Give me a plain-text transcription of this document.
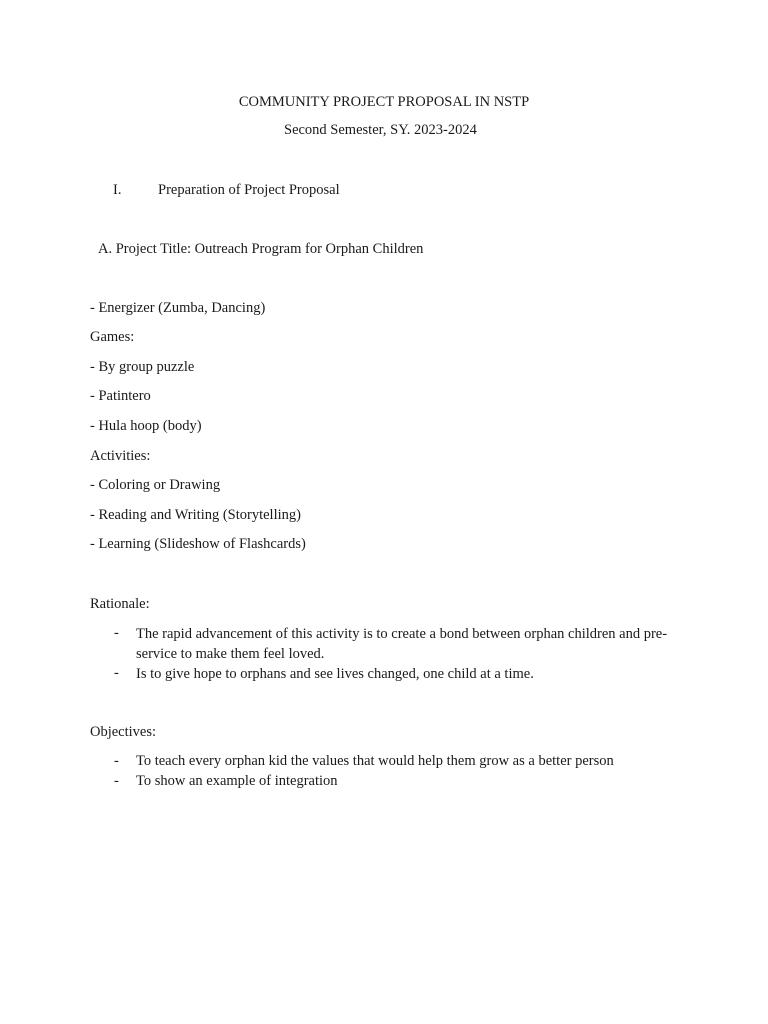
COMMUNITY PROJECT PROPOSAL IN NSTP
Second Semester, SY. 2023-2024
I.	Preparation of Project Proposal
A. Project Title: Outreach Program for Orphan Children
- Energizer (Zumba, Dancing)
Games:
- By group puzzle
- Patintero
- Hula hoop (body)
Activities:
- Coloring or Drawing
- Reading and Writing (Storytelling)
- Learning (Slideshow of Flashcards)
Rationale:
- The rapid advancement of this activity is to create a bond between orphan children and pre-service to make them feel loved.
- Is to give hope to orphans and see lives changed, one child at a time.
Objectives:
- To teach every orphan kid the values that would help them grow as a better person
- To show an example of integration
